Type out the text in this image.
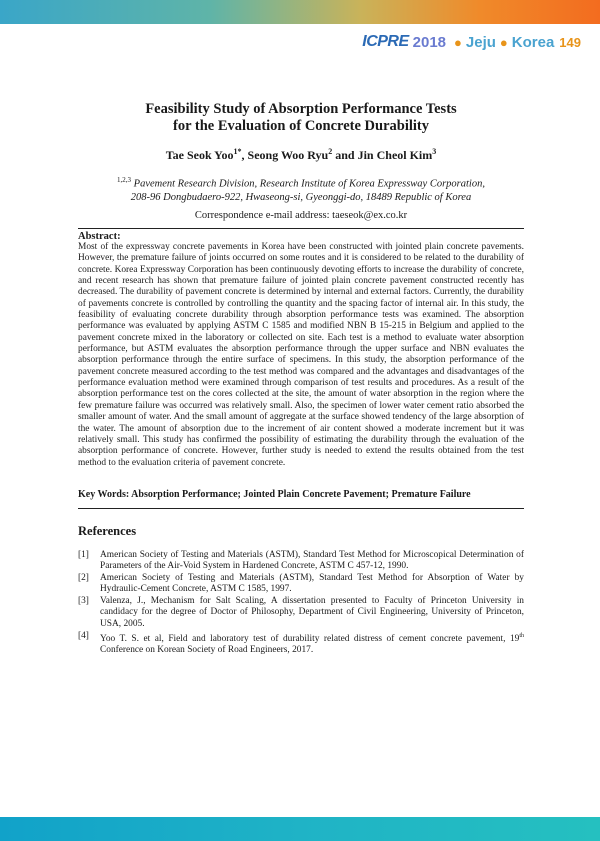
ICPRE 2018 ● Jeju ● Korea 149
Feasibility Study of Absorption Performance Tests
for the Evaluation of Concrete Durability
Tae Seok Yoo$^{1*}$, Seong Woo Ryu$^2$ and Jin Cheol Kim$^3$
$^{1,2,3}$ Pavement Research Division, Research Institute of Korea Expressway Corporation,
208-96 Dongbudaero-922, Hwaseong-si, Gyeonggi-do, 18489 Republic of Korea
Correspondence e-mail address: taeseok@ex.co.kr
Abstract:
Most of the expressway concrete pavements in Korea have been constructed with jointed plain concrete pavements. However, the premature failure of joints occurred on some routes and it is considered to be related to the durability of concrete. Korea Expressway Corporation has been continuously devoting efforts to increase the durability of concrete, and recent research has shown that premature failure of jointed plain concrete pavement constructed recently has decreased. The durability of pavement concrete is determined by internal and external factors. Currently, the durability of pavements concrete is controlled by controlling the quantity and the spacing factor of internal air. In this study, the feasibility of evaluating concrete durability through absorption performance tests was examined. The absorption performance was evaluated by applying ASTM C 1585 and modified NBN B 15-215 in Belgium and applied to the pavement concrete mixed in the laboratory or collected on site. Each test is a method to evaluate water absorption performance, but ASTM evaluates the absorption performance through the upper surface and NBN evaluates the absorption performance through the entire surface of specimens. In this study, the absorption performance of the pavement concrete measured according to the test method was compared and the advantages and disadvantages of the performance evaluation method were examined through comparison of test results and procedures. As a result of the absorption performance test on the cores collected at the site, the amount of water absorption in the region where the few premature failure was occurred was relatively small. Also, the specimen of lower water cement ratio absorbed the smaller amount of water. And the small amount of aggregate at the surface showed tendency of the large absorption of the water. The amount of absorption due to the increment of air content showed a moderate increment but it was relatively small. This study has confirmed the possibility of estimating the durability through the evaluation of the absorption performance of concrete. However, further study is needed to extend the results obtained from the test method to the evaluation criteria of pavement concrete.
Key Words: Absorption Performance; Jointed Plain Concrete Pavement; Premature Failure
References
[1]	American Society of Testing and Materials (ASTM), Standard Test Method for Microscopical Determination of Parameters of the Air-Void System in Hardened Concrete, ASTM C 457-12, 1990.
[2]	American Society of Testing and Materials (ASTM), Standard Test Method for Absorption of Water by Hydraulic-Cement Concrete, ASTM C 1585, 1997.
[3]	Valenza, J., Mechanism for Salt Scaling, A dissertation presented to Faculty of Princeton University in candidacy for the degree of Doctor of Philosophy, Department of Civil Engineering, University of Princeton, USA, 2005.
[4]	Yoo T. S. et al, Field and laboratory test of durability related distress of cement concrete pavement, 19th Conference on Korean Society of Road Engineers, 2017.
